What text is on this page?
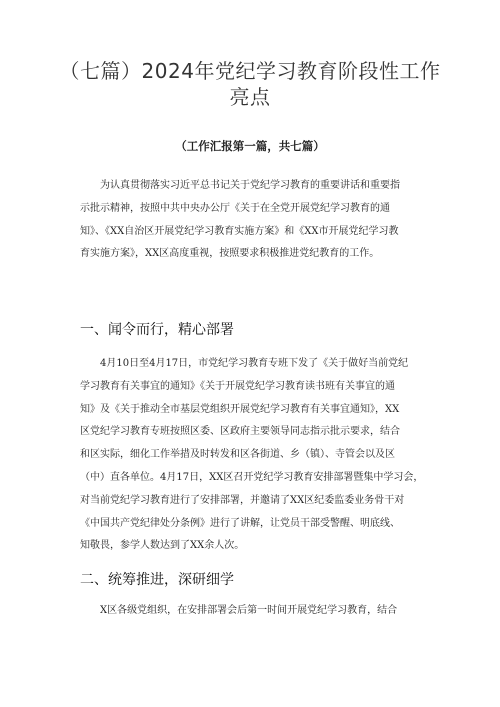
（七篇）2024年党纪学习教育阶段性工作
亮点
（工作汇报第一篇，共七篇）
为认真贯彻落实习近平总书记关于党纪学习教育的重要讲话和重要指
示批示精神，按照中共中央办公厅《关于在全党开展党纪学习教育的通
知》、《XX自治区开展党纪学习教育实施方案》和《XX市开展党纪学习教
育实施方案》，XX区高度重视，按照要求积极推进党纪教育的工作。
一、闻令而行，精心部署
4月10日至4月17日，市党纪学习教育专班下发了《关于做好当前党纪
学习教育有关事宜的通知》《关于开展党纪学习教育读书班有关事宜的通
知》及《关于推动全市基层党组织开展党纪学习教育有关事宜通知》，XX
区党纪学习教育专班按照区委、区政府主要领导同志指示批示要求，结合
和区实际，细化工作举措及时转发和区各街道、乡（镇）、寺管会以及区
（中）直各单位。4月17日，XX区召开党纪学习教育安排部署暨集中学习会，
对当前党纪学习教育进行了安排部署，并邀请了XX区纪委监委业务骨干对
《中国共产党纪律处分条例》进行了讲解，让党员干部受警醒、明底线、
知敬畏，参学人数达到了XX余人次。
二、统筹推进，深研细学
X区各级党组织，在安排部署会后第一时间开展党纪学习教育，结合
